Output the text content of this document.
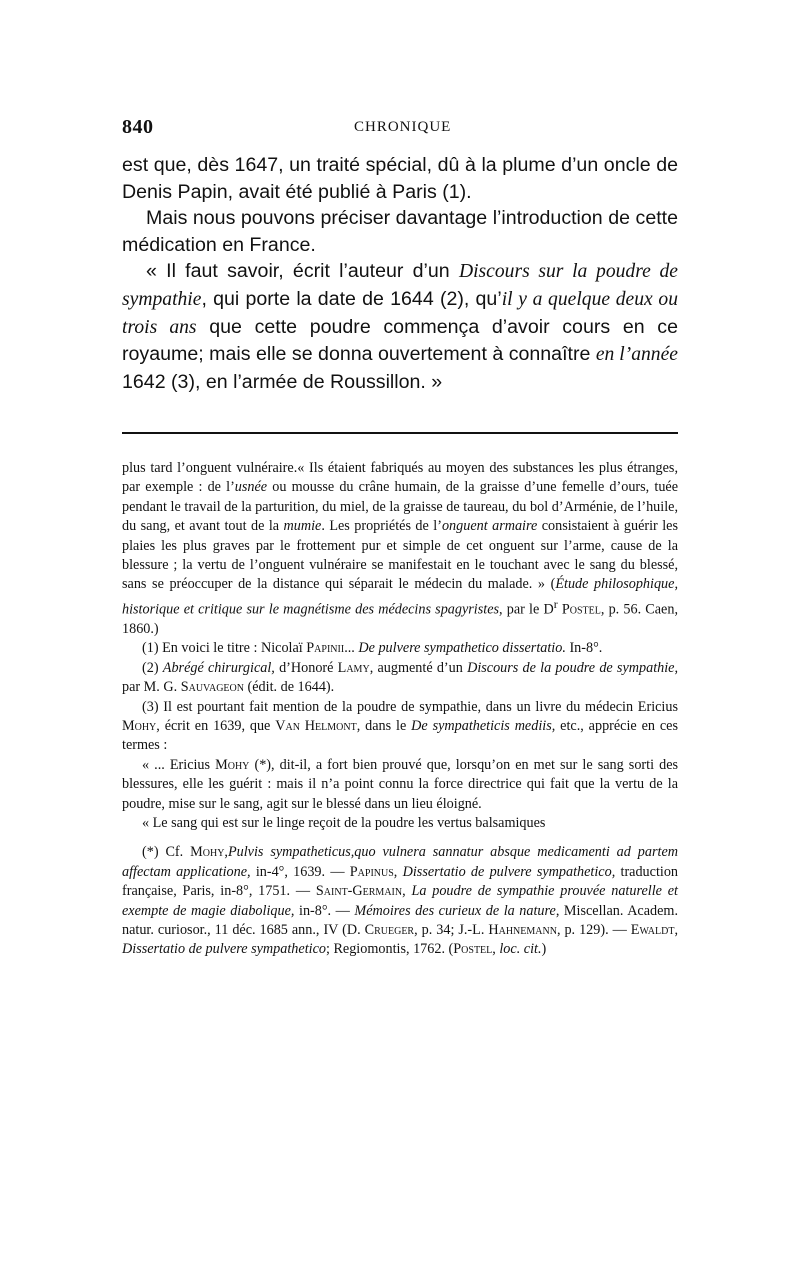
840	CHRONIQUE

est que, dès 1647, un traité spécial, dû à la plume d’un oncle de Denis Papin, avait été publié à Paris (1).

Mais nous pouvons préciser davantage l’introduction de cette médication en France.

« Il faut savoir, écrit l’auteur d’un Discours sur la poudre de sympathie, qui porte la date de 1644 (2), qu’il y a quelque deux ou trois ans que cette poudre commença d’avoir cours en ce royaume; mais elle se donna ouvertement à connaître en l’année 1642 (3), en l’armée de Roussillon. »

plus tard l’onguent vulnéraire.« Ils étaient fabriqués au moyen des substances les plus étranges, par exemple : de l’usnée ou mousse du crâne humain, de la graisse d’une femelle d’ours, tuée pendant le travail de la parturition, du miel, de la graisse de taureau, du bol d’Arménie, de l’huile, du sang, et avant tout de la mumie. Les propriétés de l’onguent armaire consistaient à guérir les plaies les plus graves par le frottement pur et simple de cet onguent sur l’arme, cause de la blessure ; la vertu de l’onguent vulnéraire se manifestait en le touchant avec le sang du blessé, sans se préoccuper de la distance qui séparait le médecin du malade. » (Étude philosophique, historique et critique sur le magnétisme des médecins spagyristes, par le $D^r$ Postel, p. 56. Caen, 1860.)

(1) En voici le titre : Nicolaï Papinii... De pulvere sympathetico dissertatio. In-8°.

(2) Abrégé chirurgical, d’Honoré Lamy, augmenté d’un Discours de la poudre de sympathie, par M. G. Sauvageon (édit. de 1644).

(3) Il est pourtant fait mention de la poudre de sympathie, dans un livre du médecin Ericius Mohy, écrit en 1639, que Van Helmont, dans le De sympatheticis mediis, etc., apprécie en ces termes :

« ... Ericius Mohy (*), dit-il, a fort bien prouvé que, lorsqu’on en met sur le sang sorti des blessures, elle les guérit : mais il n’a point connu la force directrice qui fait que la vertu de la poudre, mise sur le sang, agit sur le blessé dans un lieu éloigné.

« Le sang qui est sur le linge reçoit de la poudre les vertus balsamiques

(*) Cf. Mohy,Pulvis sympatheticus,quo vulnera sannatur absque medicamenti ad partem affectam applicatione, in-4°, 1639. — Papinus, Dissertatio de pulvere sympathetico, traduction française, Paris, in-8°, 1751. — Saint-Germain, La poudre de sympathie prouvée naturelle et exempte de magie diabolique, in-8°. — Mémoires des curieux de la nature, Miscellan. Academ. natur. curiosor., 11 déc. 1685 ann., IV (D. Crueger, p. 34; J.-L. Hahnemann, p. 129). — Ewaldt, Dissertatio de pulvere sympathetico; Regiomontis, 1762. (Postel, loc. cit.)
